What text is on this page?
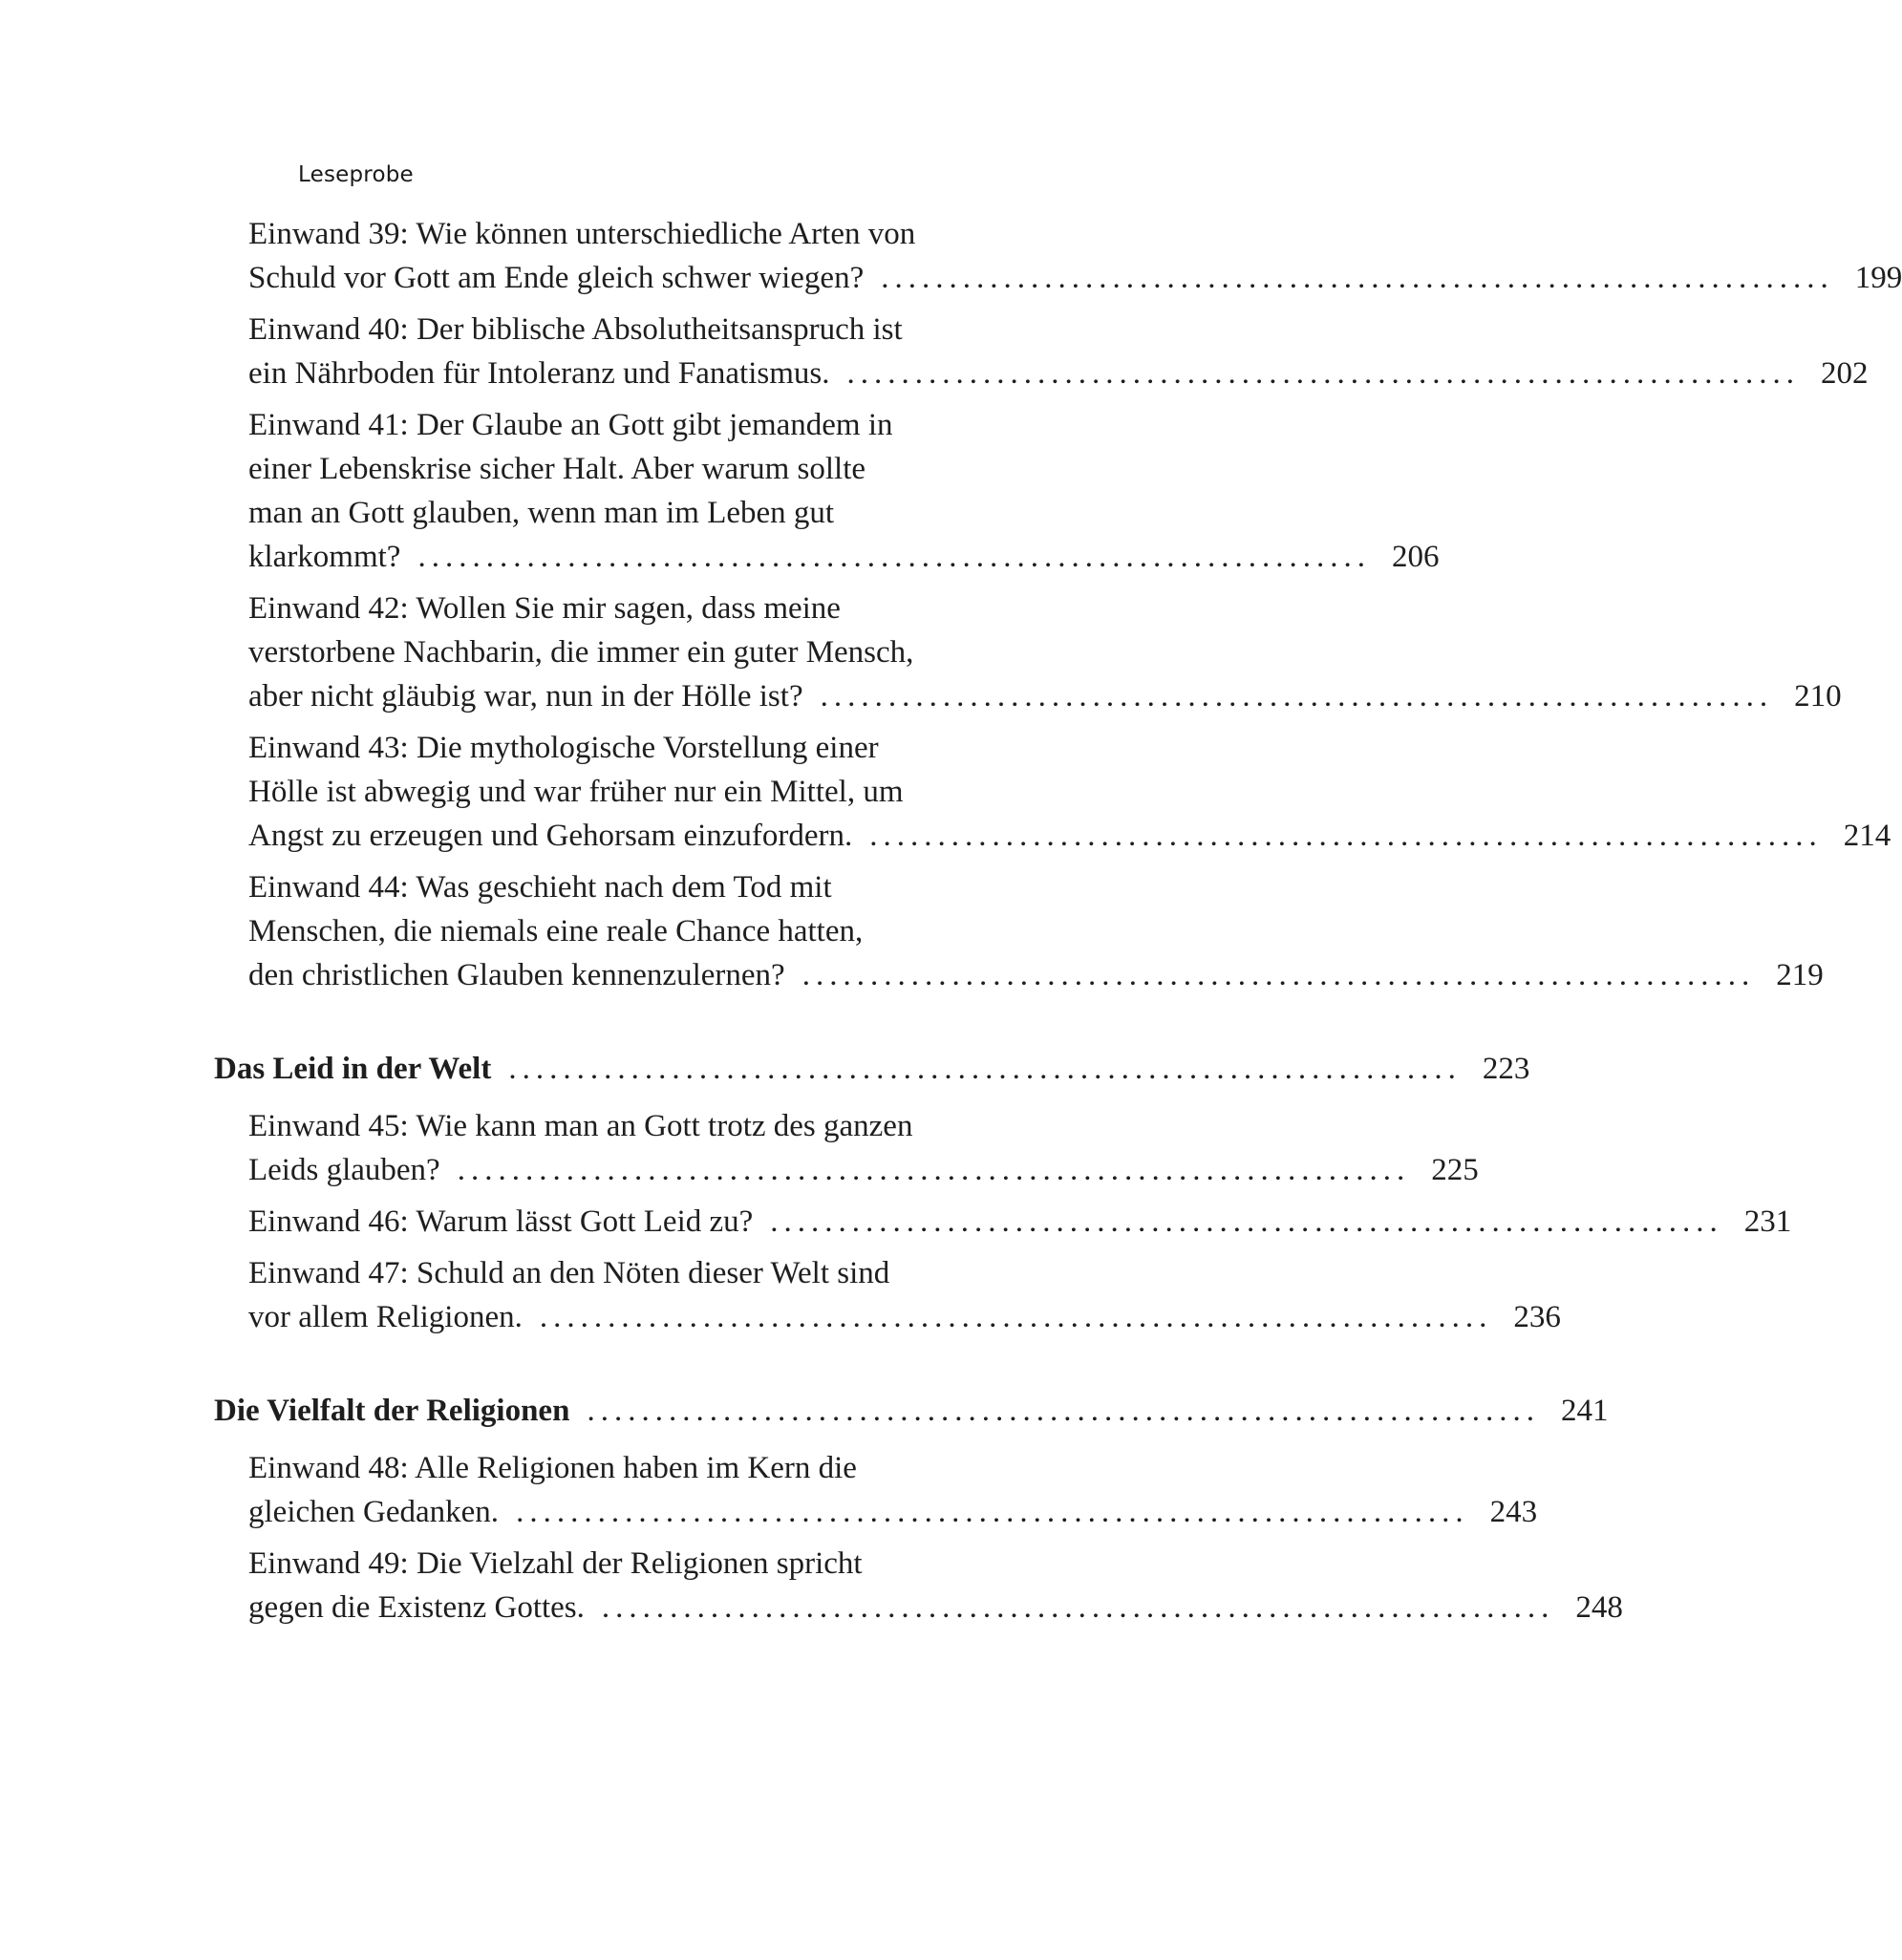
Leseprobe
Einwand 39: Wie können unterschiedliche Arten von
Schuld vor Gott am Ende gleich schwer wiegen? ...................................................................... 199
Einwand 40: Der biblische Absolutheitsanspruch ist
ein Nährboden für Intoleranz und Fanatismus. ...................................................................... 202
Einwand 41: Der Glaube an Gott gibt jemandem in
einer Lebenskrise sicher Halt. Aber warum sollte
man an Gott glauben, wenn man im Leben gut
klarkommt? ...................................................................... 206
Einwand 42: Wollen Sie mir sagen, dass meine
verstorbene Nachbarin, die immer ein guter Mensch,
aber nicht gläubig war, nun in der Hölle ist? ...................................................................... 210
Einwand 43: Die mythologische Vorstellung einer
Hölle ist abwegig und war früher nur ein Mittel, um
Angst zu erzeugen und Gehorsam einzufordern. ...................................................................... 214
Einwand 44: Was geschieht nach dem Tod mit
Menschen, die niemals eine reale Chance hatten,
den christlichen Glauben kennenzulernen? ...................................................................... 219
Das Leid in der Welt ...................................................................... 223
Einwand 45: Wie kann man an Gott trotz des ganzen
Leids glauben? ...................................................................... 225
Einwand 46: Warum lässt Gott Leid zu? ...................................................................... 231
Einwand 47: Schuld an den Nöten dieser Welt sind
vor allem Religionen. ...................................................................... 236
Die Vielfalt der Religionen ...................................................................... 241
Einwand 48: Alle Religionen haben im Kern die
gleichen Gedanken. ...................................................................... 243
Einwand 49: Die Vielzahl der Religionen spricht
gegen die Existenz Gottes. ...................................................................... 248
